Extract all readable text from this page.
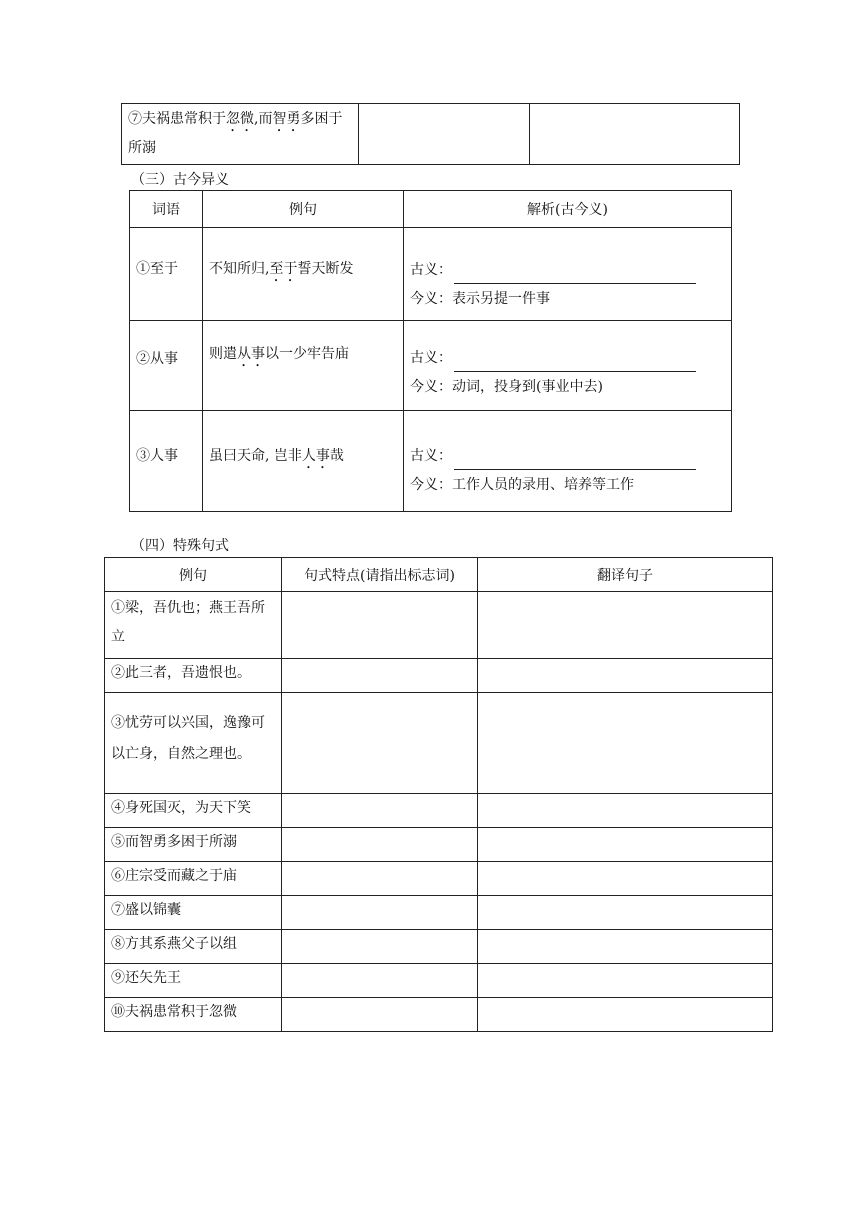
⑦夫祸患常积于忽微,而智勇多困于所溺

（三）古今异义
词语	例句	解析(古今义)
①至于	不知所归,至于誓天断发	古义：
今义：表示另提一件事

②从事	则遣从事以一少牢告庙	古义：
今义：动词，投身到(事业中去)

③人事	虽曰天命, 岂非人事哉	古义：
今义：工作人员的录用、培养等工作
（四）特殊句式
例句	句式特点(请指出标志词)	翻译句子

①梁，吾仇也；燕王吾所立		

②此三者，吾遗恨也。		

③忧劳可以兴国，逸豫可以亡身，自然之理也。		

④身死国灭，为天下笑		
⑤而智勇多困于所溺		
⑥庄宗受而藏之于庙		
⑦盛以锦囊		
⑧方其系燕父子以组		
⑨还矢先王		
⑩夫祸患常积于忽微		
